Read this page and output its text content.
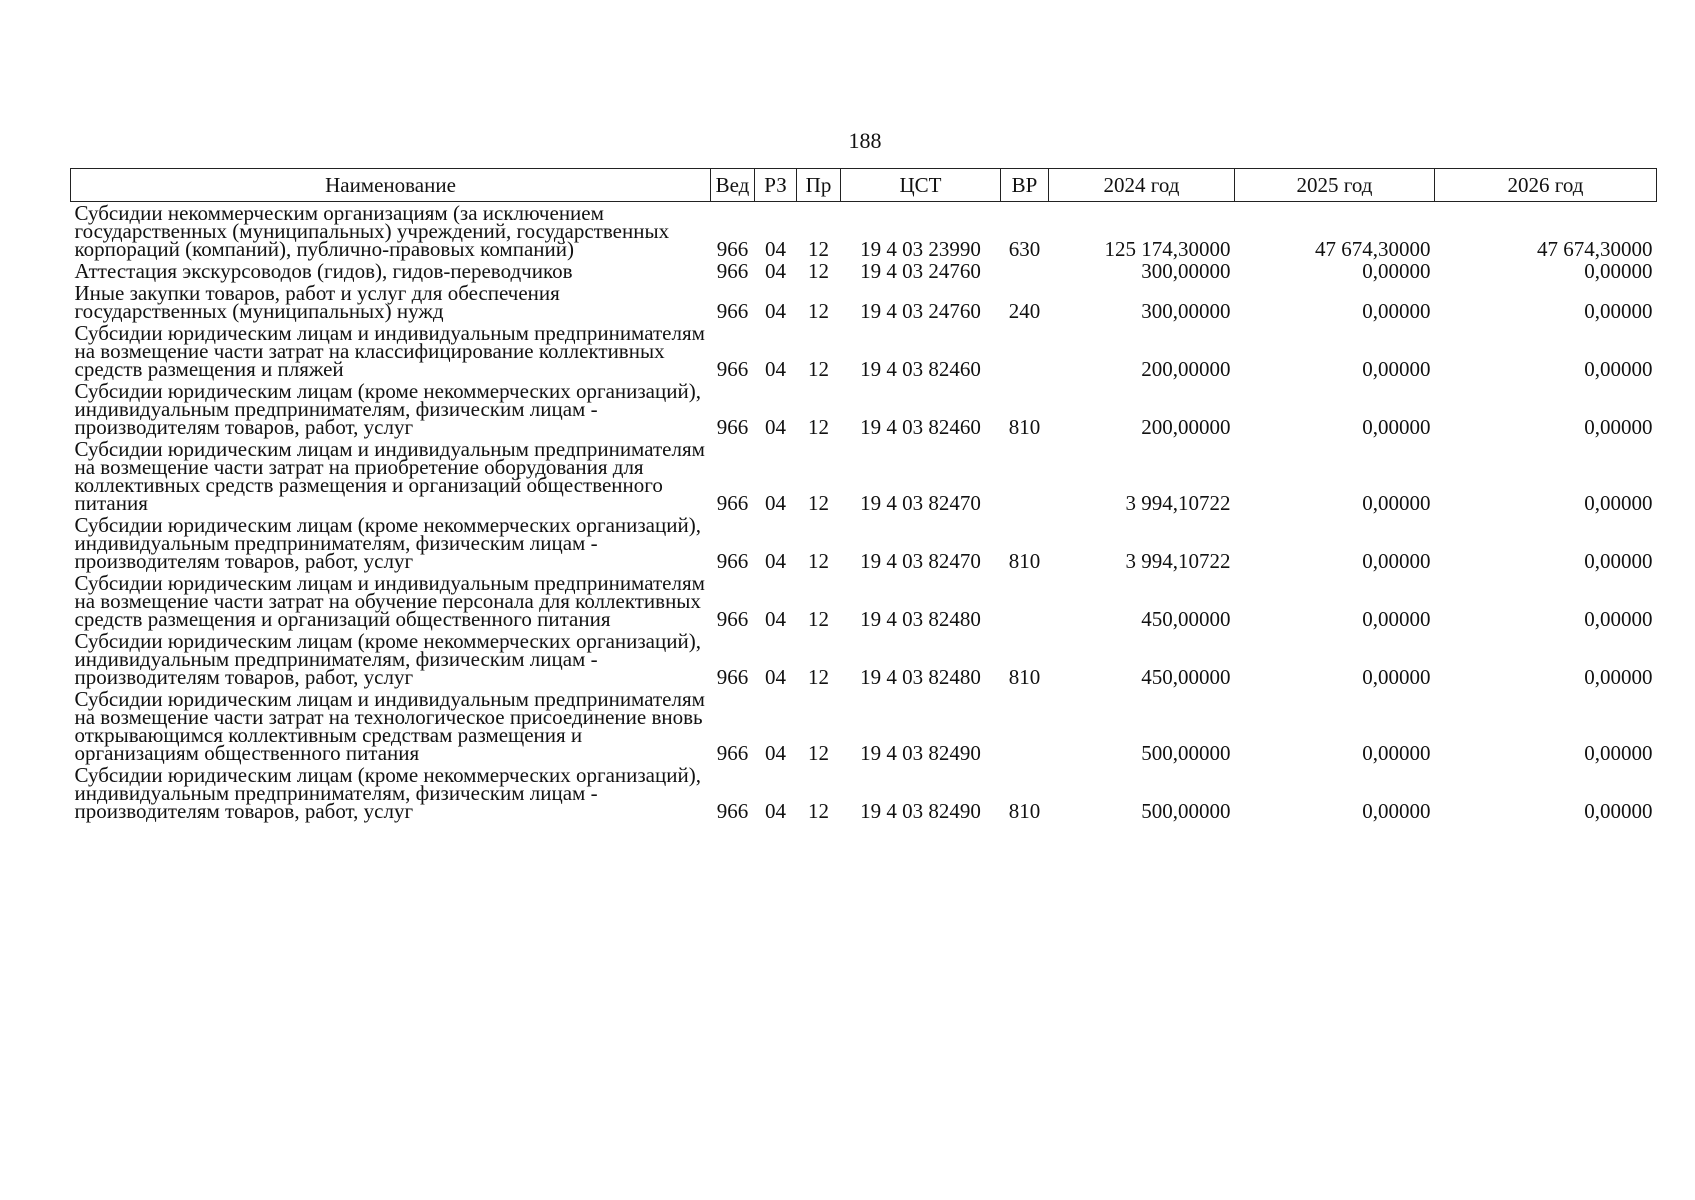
188
Наименование	Вед	РЗ	Пр	ЦСТ	ВР	2024 год	2025 год	2026 год
Субсидии некоммерческим организациям (за исключением государственных (муниципальных) учреждений, государственных корпораций (компаний), публично-правовых компаний)	966	04	12	19 4 03 23990	630	125 174,30000	47 674,30000	47 674,30000
Аттестация экскурсоводов (гидов), гидов-переводчиков	966	04	12	19 4 03 24760		300,00000	0,00000	0,00000
Иные закупки товаров, работ и услуг для обеспечения государственных (муниципальных) нужд	966	04	12	19 4 03 24760	240	300,00000	0,00000	0,00000
Субсидии юридическим лицам и индивидуальным предпринимателям на возмещение части затрат на классифицирование коллективных средств размещения и пляжей	966	04	12	19 4 03 82460		200,00000	0,00000	0,00000
Субсидии юридическим лицам (кроме некоммерческих организаций), индивидуальным предпринимателям, физическим лицам - производителям товаров, работ, услуг	966	04	12	19 4 03 82460	810	200,00000	0,00000	0,00000
Субсидии юридическим лицам и индивидуальным предпринимателям на возмещение части затрат на приобретение оборудования для коллективных средств размещения и организаций общественного питания	966	04	12	19 4 03 82470		3 994,10722	0,00000	0,00000
Субсидии юридическим лицам (кроме некоммерческих организаций), индивидуальным предпринимателям, физическим лицам - производителям товаров, работ, услуг	966	04	12	19 4 03 82470	810	3 994,10722	0,00000	0,00000
Субсидии юридическим лицам и индивидуальным предпринимателям на возмещение части затрат на обучение персонала для коллективных средств размещения и организаций общественного питания	966	04	12	19 4 03 82480		450,00000	0,00000	0,00000
Субсидии юридическим лицам (кроме некоммерческих организаций), индивидуальным предпринимателям, физическим лицам - производителям товаров, работ, услуг	966	04	12	19 4 03 82480	810	450,00000	0,00000	0,00000
Субсидии юридическим лицам и индивидуальным предпринимателям на возмещение части затрат на технологическое присоединение вновь открывающимся коллективным средствам размещения и организациям общественного питания	966	04	12	19 4 03 82490		500,00000	0,00000	0,00000
Субсидии юридическим лицам (кроме некоммерческих организаций), индивидуальным предпринимателям, физическим лицам - производителям товаров, работ, услуг	966	04	12	19 4 03 82490	810	500,00000	0,00000	0,00000
